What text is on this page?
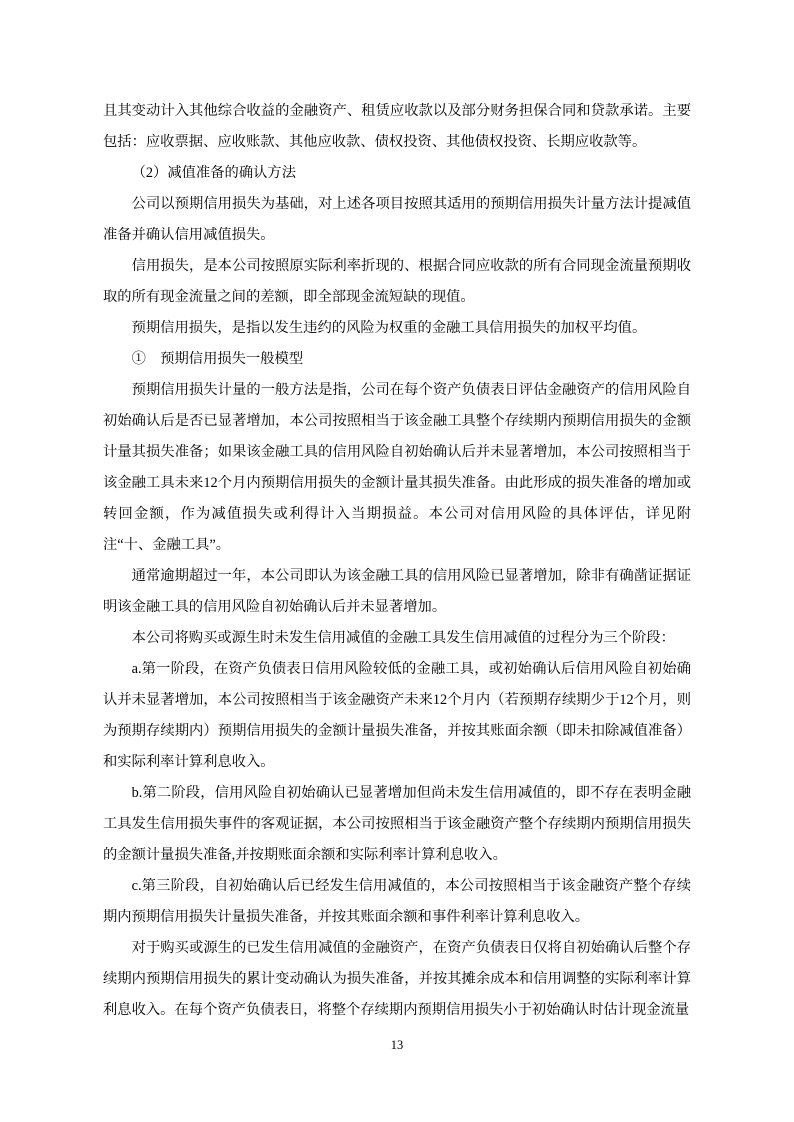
且其变动计入其他综合收益的金融资产、租赁应收款以及部分财务担保合同和贷款承诺。主要包括：应收票据、应收账款、其他应收款、债权投资、其他债权投资、长期应收款等。

（2）减值准备的确认方法

公司以预期信用损失为基础，对上述各项目按照其适用的预期信用损失计量方法计提减值准备并确认信用减值损失。

信用损失，是本公司按照原实际利率折现的、根据合同应收款的所有合同现金流量预期收取的所有现金流量之间的差额，即全部现金流短缺的现值。

预期信用损失，是指以发生违约的风险为权重的金融工具信用损失的加权平均值。

①　预期信用损失一般模型

预期信用损失计量的一般方法是指，公司在每个资产负债表日评估金融资产的信用风险自初始确认后是否已显著增加，本公司按照相当于该金融工具整个存续期内预期信用损失的金额计量其损失准备；如果该金融工具的信用风险自初始确认后并未显著增加，本公司按照相当于该金融工具未来12个月内预期信用损失的金额计量其损失准备。由此形成的损失准备的增加或转回金额，作为减值损失或利得计入当期损益。本公司对信用风险的具体评估，详见附注“十、金融工具”。

通常逾期超过一年，本公司即认为该金融工具的信用风险已显著增加，除非有确凿证据证明该金融工具的信用风险自初始确认后并未显著增加。

本公司将购买或源生时未发生信用减值的金融工具发生信用减值的过程分为三个阶段：

a.第一阶段，在资产负债表日信用风险较低的金融工具，或初始确认后信用风险自初始确认并未显著增加，本公司按照相当于该金融资产未来12个月内（若预期存续期少于12个月，则为预期存续期内）预期信用损失的金额计量损失准备，并按其账面余额（即未扣除减值准备）和实际利率计算利息收入。

b.第二阶段，信用风险自初始确认已显著增加但尚未发生信用减值的，即不存在表明金融工具发生信用损失事件的客观证据，本公司按照相当于该金融资产整个存续期内预期信用损失的金额计量损失准备,并按期账面余额和实际利率计算利息收入。

c.第三阶段，自初始确认后已经发生信用减值的，本公司按照相当于该金融资产整个存续期内预期信用损失计量损失准备，并按其账面余额和事件利率计算利息收入。

对于购买或源生的已发生信用减值的金融资产，在资产负债表日仅将自初始确认后整个存续期内预期信用损失的累计变动确认为损失准备，并按其摊余成本和信用调整的实际利率计算利息收入。在每个资产负债表日，将整个存续期内预期信用损失小于初始确认时估计现金流量

13
